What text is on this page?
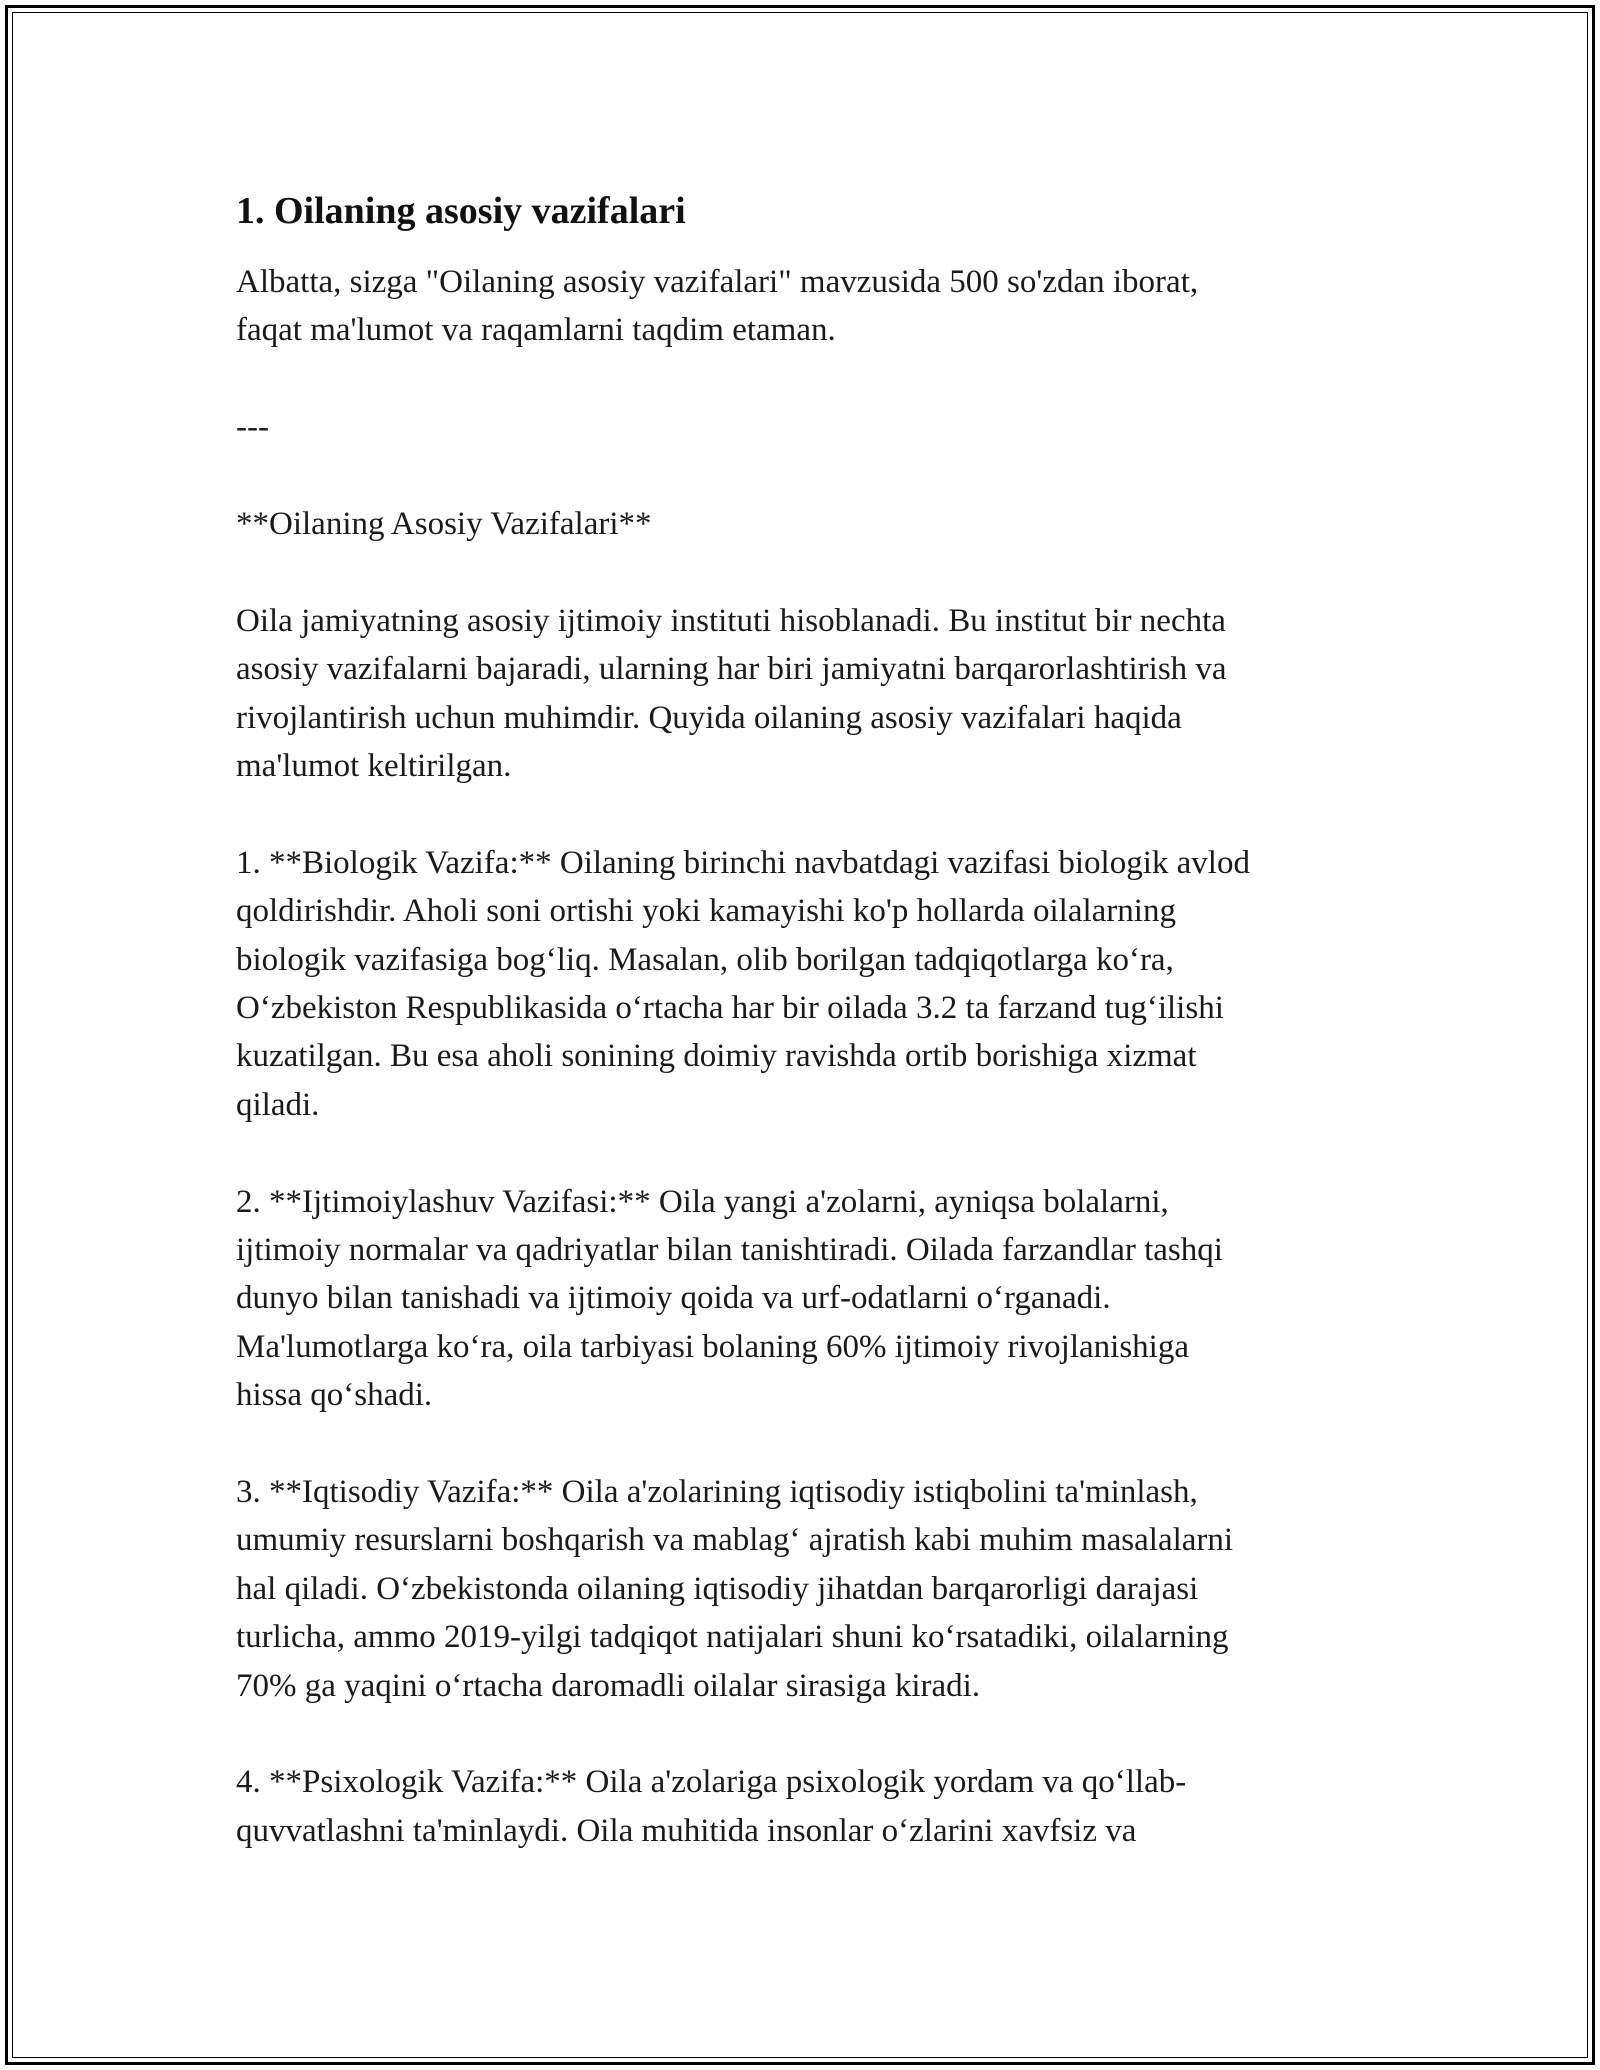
1. Oilaning asosiy vazifalari

Albatta, sizga "Oilaning asosiy vazifalari" mavzusida 500 so'zdan iborat,
faqat ma'lumot va raqamlarni taqdim etaman.

---

**Oilaning Asosiy Vazifalari**

Oila jamiyatning asosiy ijtimoiy instituti hisoblanadi. Bu institut bir nechta
asosiy vazifalarni bajaradi, ularning har biri jamiyatni barqarorlashtirish va
rivojlantirish uchun muhimdir. Quyida oilaning asosiy vazifalari haqida
ma'lumot keltirilgan.

1. **Biologik Vazifa:** Oilaning birinchi navbatdagi vazifasi biologik avlod
qoldirishdir. Aholi soni ortishi yoki kamayishi ko'p hollarda oilalarning
biologik vazifasiga bog‘liq. Masalan, olib borilgan tadqiqotlarga ko‘ra,
O‘zbekiston Respublikasida o‘rtacha har bir oilada 3.2 ta farzand tug‘ilishi
kuzatilgan. Bu esa aholi sonining doimiy ravishda ortib borishiga xizmat
qiladi.

2. **Ijtimoiylashuv Vazifasi:** Oila yangi a'zolarni, ayniqsa bolalarni,
ijtimoiy normalar va qadriyatlar bilan tanishtiradi. Oilada farzandlar tashqi
dunyo bilan tanishadi va ijtimoiy qoida va urf-odatlarni o‘rganadi.
Ma'lumotlarga ko‘ra, oila tarbiyasi bolaning 60% ijtimoiy rivojlanishiga
hissa qo‘shadi.

3. **Iqtisodiy Vazifa:** Oila a'zolarining iqtisodiy istiqbolini ta'minlash,
umumiy resurslarni boshqarish va mablag‘ ajratish kabi muhim masalalarni
hal qiladi. O‘zbekistonda oilaning iqtisodiy jihatdan barqarorligi darajasi
turlicha, ammo 2019-yilgi tadqiqot natijalari shuni ko‘rsatadiki, oilalarning
70% ga yaqini o‘rtacha daromadli oilalar sirasiga kiradi.

4. **Psixologik Vazifa:** Oila a'zolariga psixologik yordam va qo‘llab-
quvvatlashni ta'minlaydi. Oila muhitida insonlar o‘zlarini xavfsiz va
